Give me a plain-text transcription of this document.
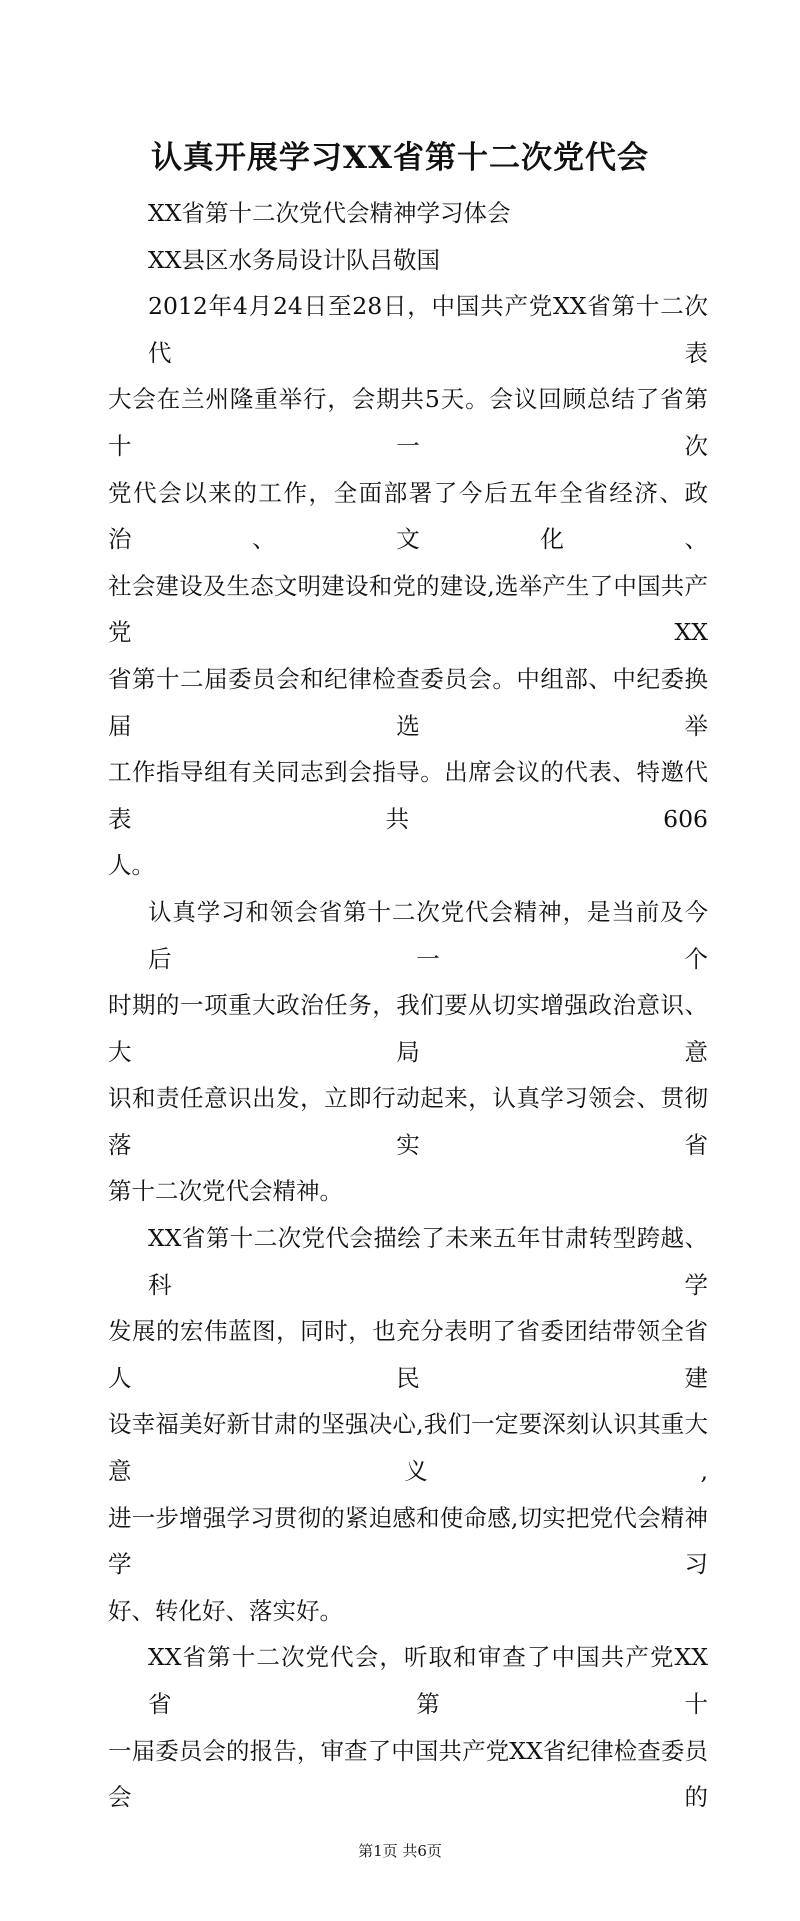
认真开展学习XX省第十二次党代会
XX省第十二次党代会精神学习体会
XX县区水务局设计队吕敬国
2012年4月24日至28日，中国共产党XX省第十二次代表
大会在兰州隆重举行，会期共5天。会议回顾总结了省第十一次
党代会以来的工作，全面部署了今后五年全省经济、政治、文化、
社会建设及生态文明建设和党的建设,选举产生了中国共产党XX
省第十二届委员会和纪律检查委员会。中组部、中纪委换届选举
工作指导组有关同志到会指导。出席会议的代表、特邀代表共606
人。
认真学习和领会省第十二次党代会精神，是当前及今后一个
时期的一项重大政治任务，我们要从切实增强政治意识、大局意
识和责任意识出发，立即行动起来，认真学习领会、贯彻落实省
第十二次党代会精神。
XX省第十二次党代会描绘了未来五年甘肃转型跨越、科学
发展的宏伟蓝图，同时，也充分表明了省委团结带领全省人民建
设幸福美好新甘肃的坚强决心,我们一定要深刻认识其重大意义,
进一步增强学习贯彻的紧迫感和使命感,切实把党代会精神学习
好、转化好、落实好。
XX省第十二次党代会，听取和审查了中国共产党XX省第十
一届委员会的报告，审查了中国共产党XX省纪律检查委员会的
第1页 共6页
